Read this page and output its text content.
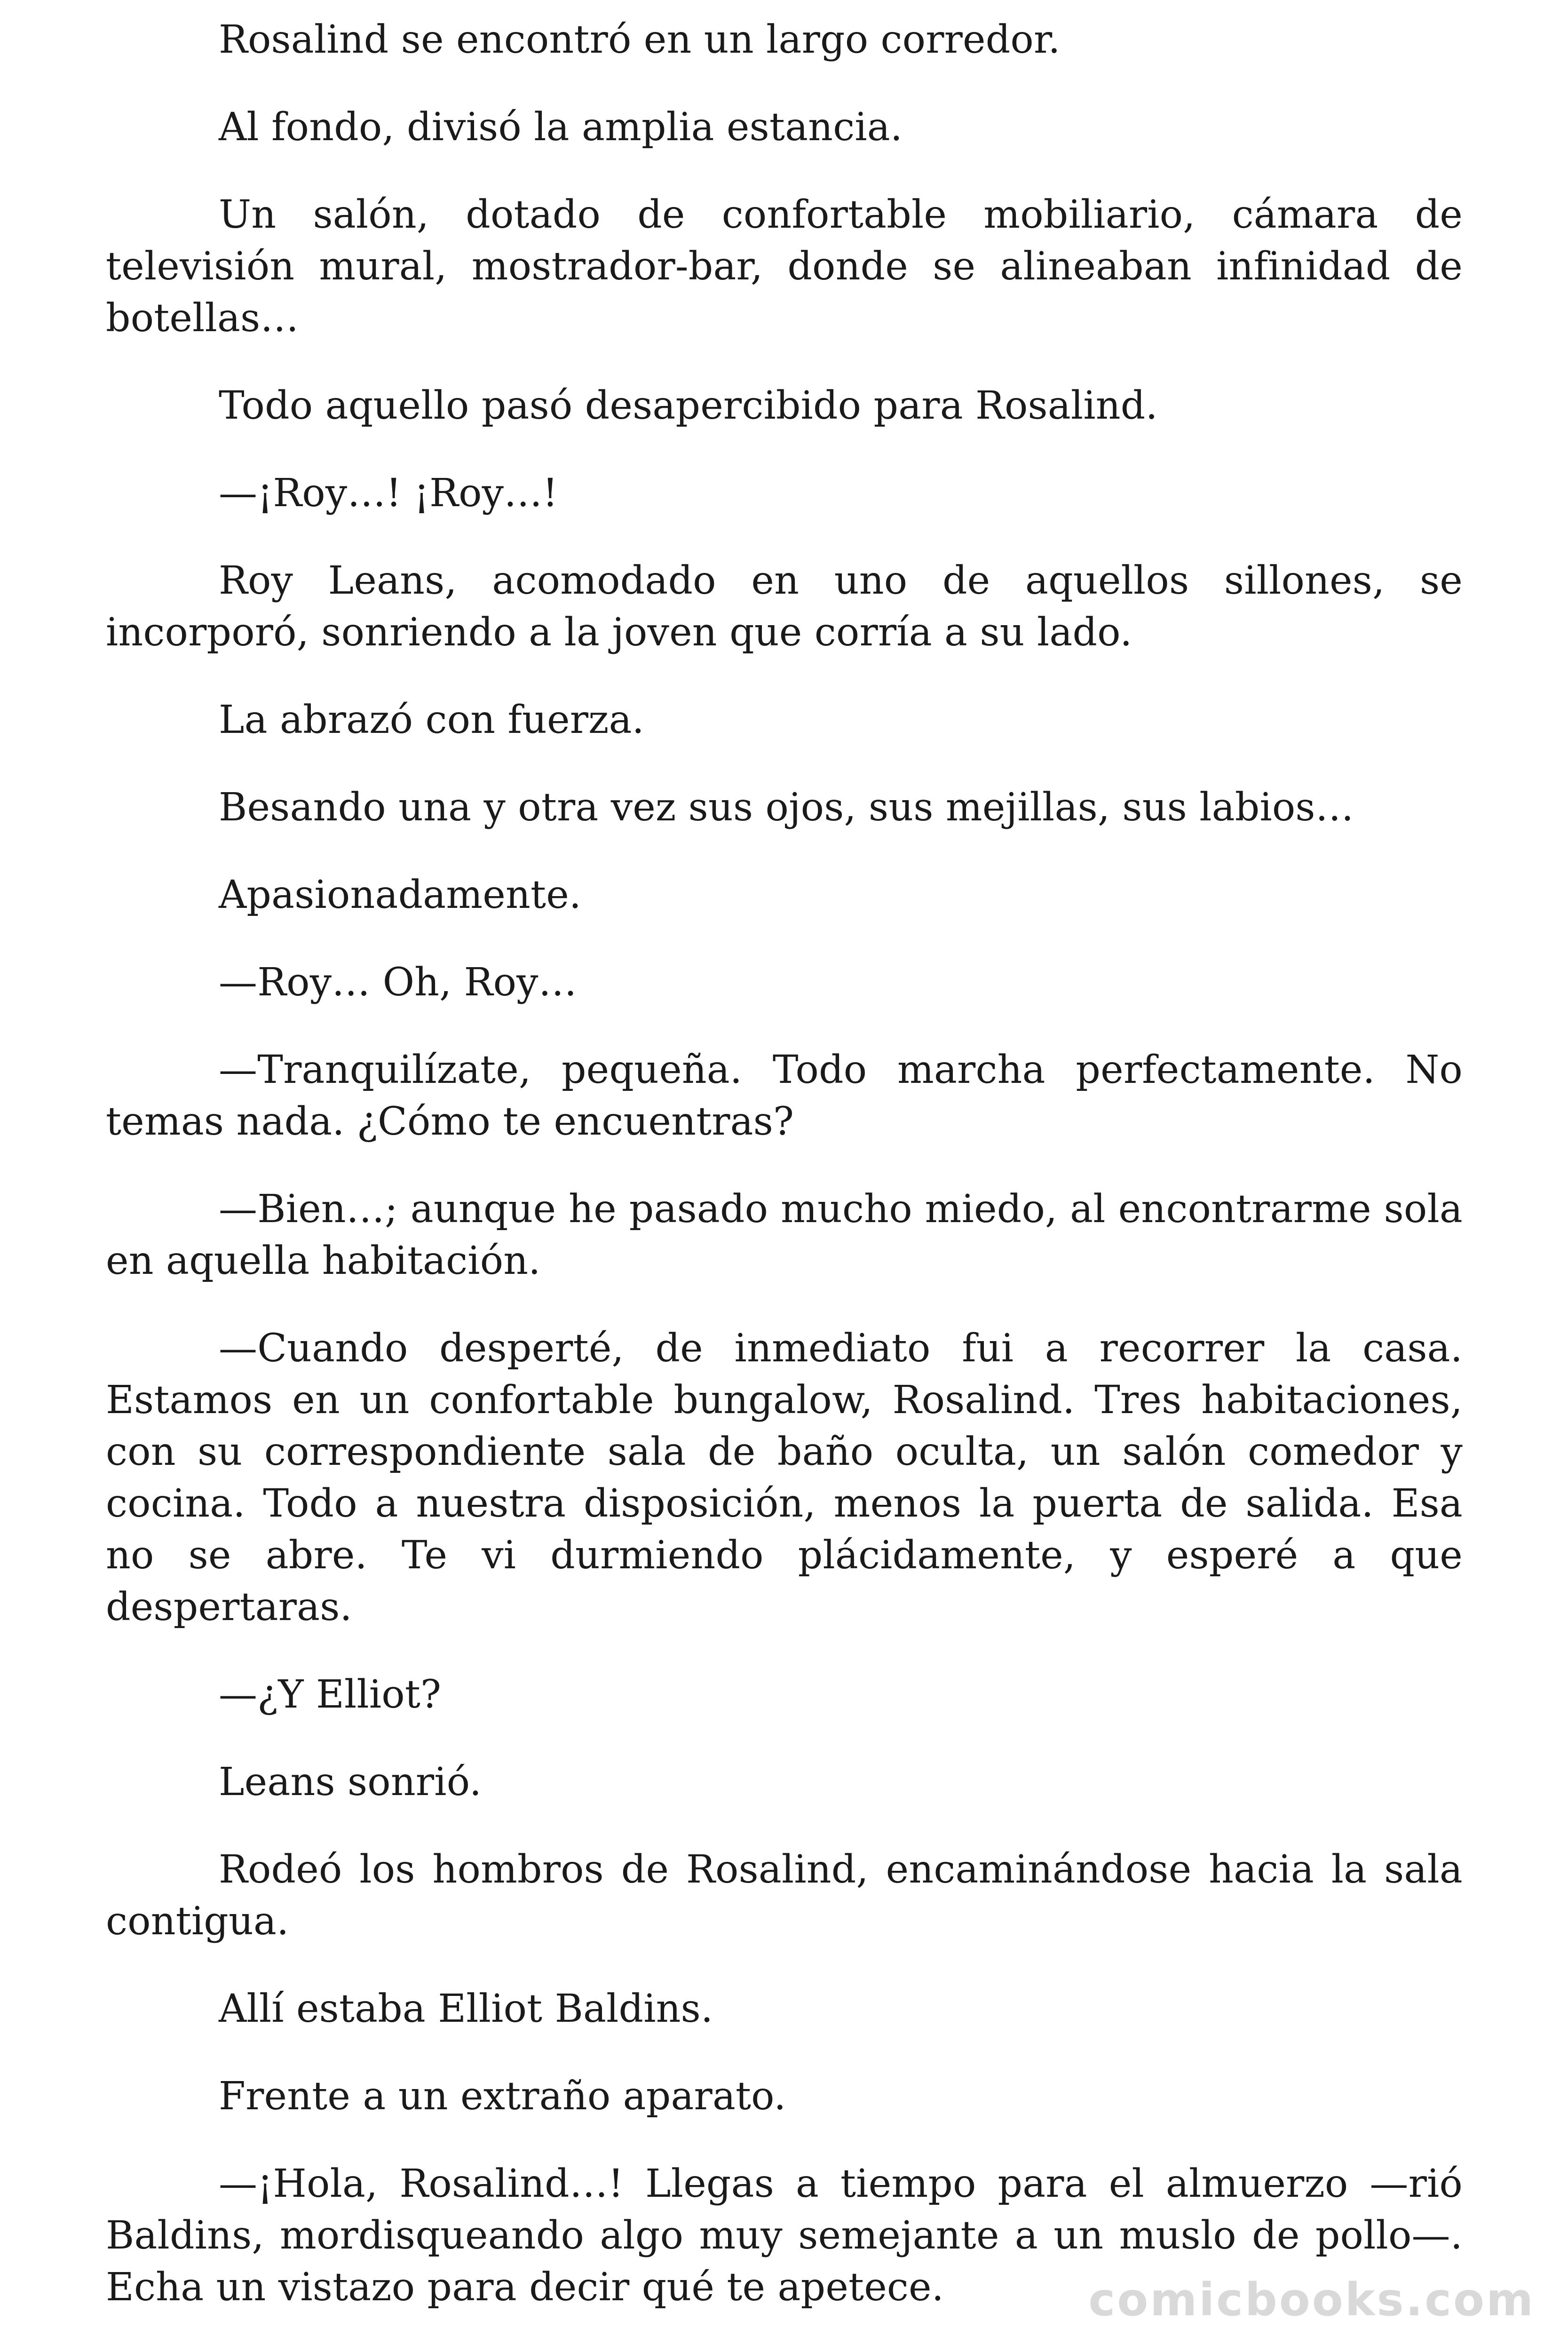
Rosalind se encontró en un largo corredor.

Al fondo, divisó la amplia estancia.

Un salón, dotado de confortable mobiliario, cámara de televisión mural, mostrador-bar, donde se alineaban infinidad de botellas…

Todo aquello pasó desapercibido para Rosalind.

—¡Roy…! ¡Roy…!

Roy Leans, acomodado en uno de aquellos sillones, se incorporó, sonriendo a la joven que corría a su lado.

La abrazó con fuerza.

Besando una y otra vez sus ojos, sus mejillas, sus labios…

Apasionadamente.

—Roy… Oh, Roy…

—Tranquilízate, pequeña. Todo marcha perfectamente. No temas nada. ¿Cómo te encuentras?

—Bien…; aunque he pasado mucho miedo, al encontrarme sola en aquella habitación.

—Cuando desperté, de inmediato fui a recorrer la casa. Estamos en un confortable bungalow, Rosalind. Tres habitaciones, con su correspondiente sala de baño oculta, un salón comedor y cocina. Todo a nuestra disposición, menos la puerta de salida. Esa no se abre. Te vi durmiendo plácidamente, y esperé a que despertaras.

—¿Y Elliot?

Leans sonrió.

Rodeó los hombros de Rosalind, encaminándose hacia la sala contigua.

Allí estaba Elliot Baldins.

Frente a un extraño aparato.

—¡Hola, Rosalind…! Llegas a tiempo para el almuerzo —rió Baldins, mordisqueando algo muy semejante a un muslo de pollo—. Echa un vistazo para decir qué te apetece.	comicbooks.com
